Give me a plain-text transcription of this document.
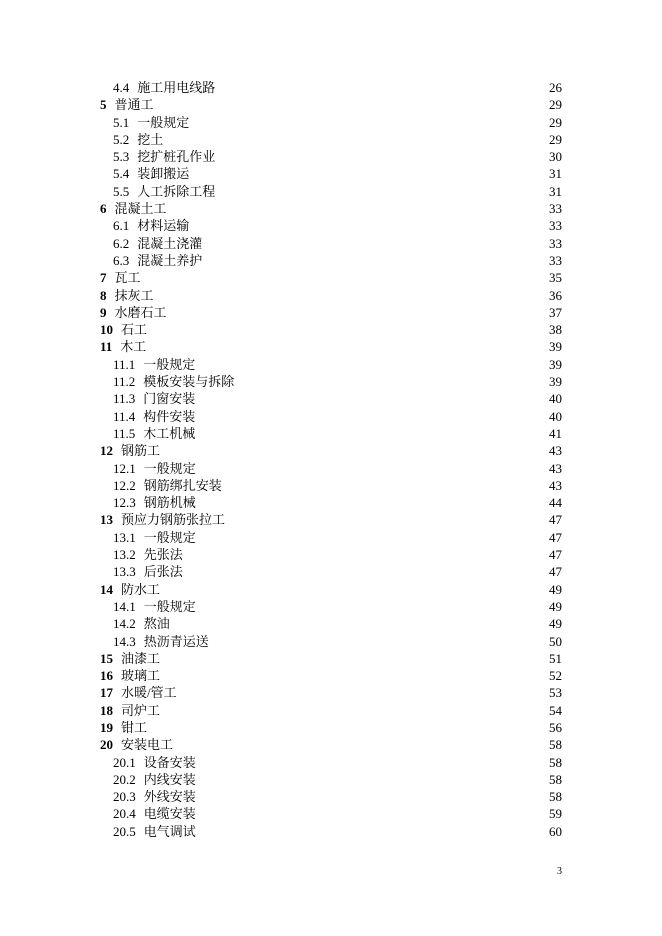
4.4 施工用电线路	26
5 普通工	29
5.1 一般规定	29
5.2 挖土	29
5.3 挖扩桩孔作业	30
5.4 装卸搬运	31
5.5 人工拆除工程	31
6 混凝土工	33
6.1 材料运输	33
6.2 混凝土浇灌	33
6.3 混凝土养护	33
7 瓦工	35
8 抹灰工	36
9 水磨石工	37
10 石工	38
11 木工	39
11.1 一般规定	39
11.2 模板安装与拆除	39
11.3 门窗安装	40
11.4 构件安装	40
11.5 木工机械	41
12 钢筋工	43
12.1 一般规定	43
12.2 钢筋绑扎安装	43
12.3 钢筋机械	44
13 预应力钢筋张拉工	47
13.1 一般规定	47
13.2 先张法	47
13.3 后张法	47
14 防水工	49
14.1 一般规定	49
14.2 熬油	49
14.3 热沥青运送	50
15 油漆工	51
16 玻璃工	52
17 水暖/管工	53
18 司炉工	54
19 钳工	56
20 安装电工	58
20.1 设备安装	58
20.2 内线安装	58
20.3 外线安装	58
20.4 电缆安装	59
20.5 电气调试	60
3
